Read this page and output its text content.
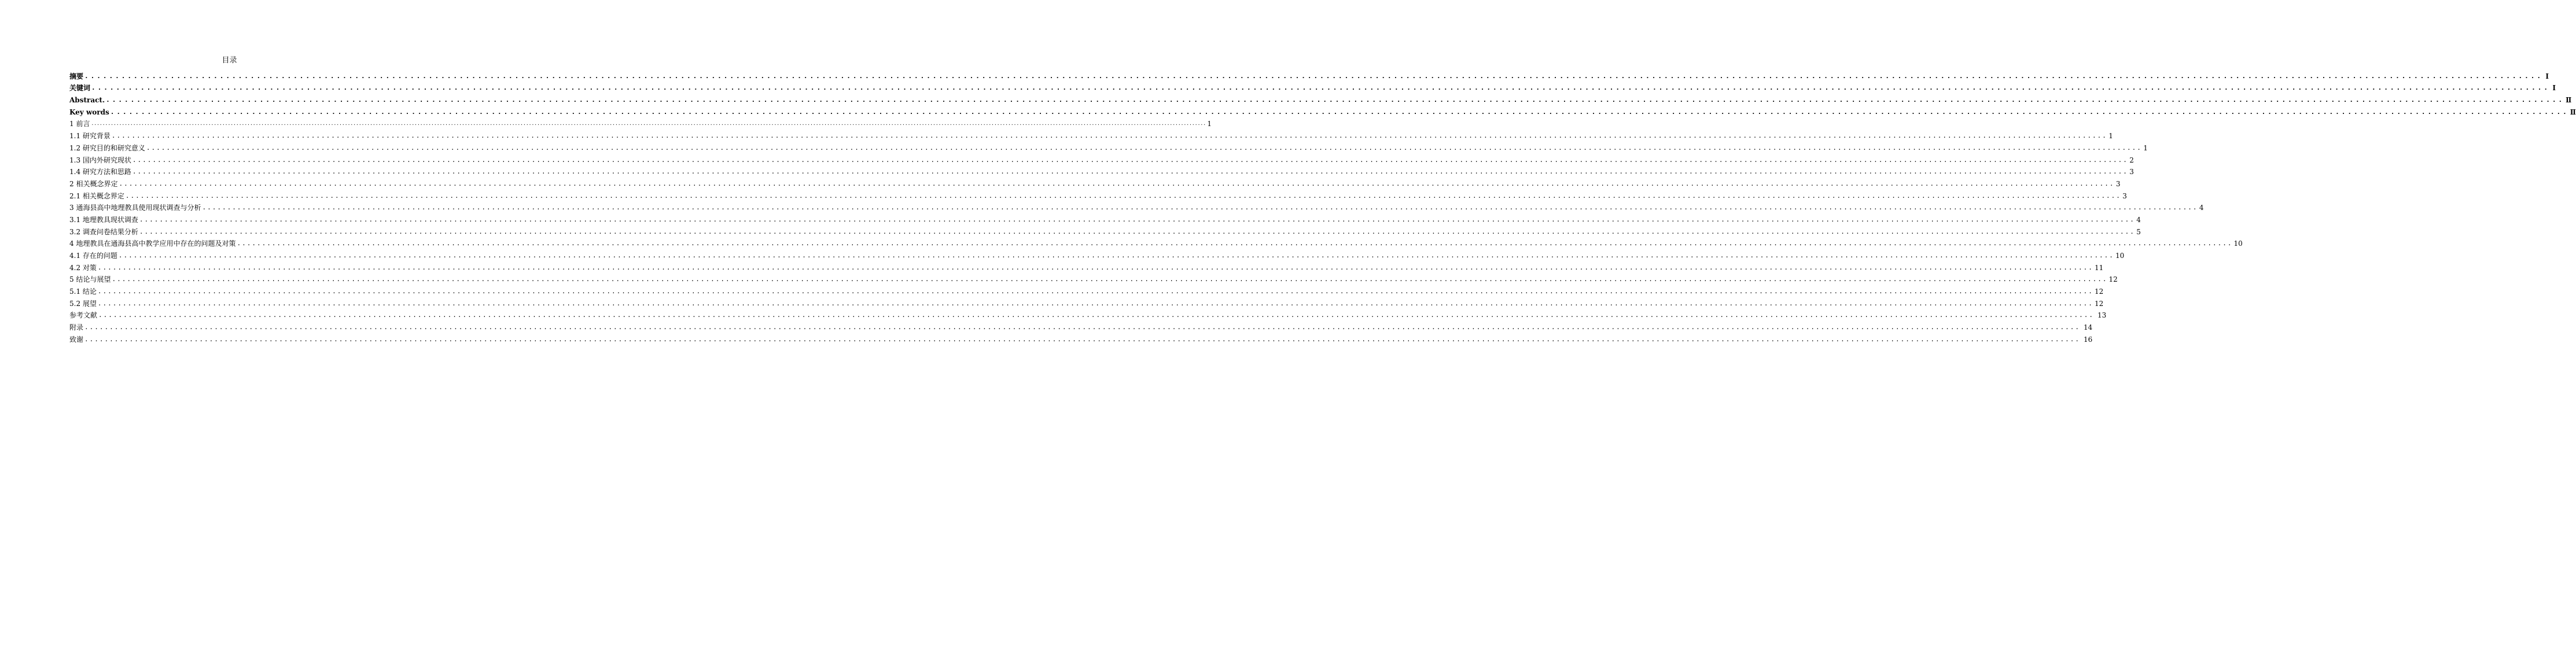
目录
摘要 ................................................................................................................................................................................................................................................................................................................................................................................................................ Ⅰ
关键词 ................................................................................................................................................................................................................................................................................................................................................................................................................ Ⅰ
Abstract. ................................................................................................................................................................................................................................................................................................................................................................................................................ Ⅱ
Key words ................................................................................................................................................................................................................................................................................................................................................................................................................ Ⅱ
1 前言 ................................................................................................................................................................................................................................................................................................................................................................................................................ 1
1.1 研究背景 ................................................................................................................................................................................................................................................................................................................................................................................................................ 1
1.2 研究目的和研究意义 ................................................................................................................................................................................................................................................................................................................................................................................................................ 1
1.3 国内外研究现状 ................................................................................................................................................................................................................................................................................................................................................................................................................ 2
1.4 研究方法和思路 ................................................................................................................................................................................................................................................................................................................................................................................................................ 3
2 相关概念界定 ................................................................................................................................................................................................................................................................................................................................................................................................................ 3
2.1 相关概念界定 ................................................................................................................................................................................................................................................................................................................................................................................................................ 3
3 通海县高中地理教具使用现状调查与分析 ................................................................................................................................................................................................................................................................................................................................................................................................................ 4
3.1 地理教具现状调查 ................................................................................................................................................................................................................................................................................................................................................................................................................ 4
3.2 调查问卷结果分析 ................................................................................................................................................................................................................................................................................................................................................................................................................ 5
4 地理教具在通海县高中教学应用中存在的问题及对策 ................................................................................................................................................................................................................................................................................................................................................................................................................ 10
4.1 存在的问题 ................................................................................................................................................................................................................................................................................................................................................................................................................ 10
4.2 对策 ................................................................................................................................................................................................................................................................................................................................................................................................................ 11
5 结论与展望 ................................................................................................................................................................................................................................................................................................................................................................................................................ 12
5.1 结论 ................................................................................................................................................................................................................................................................................................................................................................................................................ 12
5.2 展望 ................................................................................................................................................................................................................................................................................................................................................................................................................ 12
参考文献 ................................................................................................................................................................................................................................................................................................................................................................................................................ 13
附录 ................................................................................................................................................................................................................................................................................................................................................................................................................ 14
致谢 ................................................................................................................................................................................................................................................................................................................................................................................................................ 16
